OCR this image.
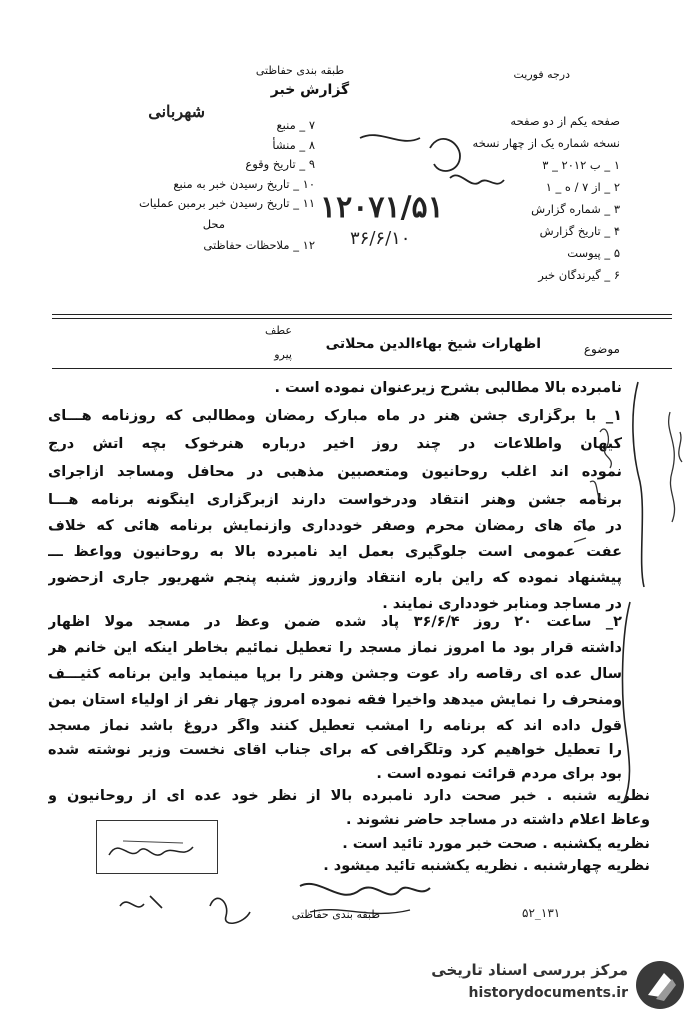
طبقه بندی حفاظتی
گزارش خبر
درجه فوریت
شهربانی
۷ _ منبع
۸ _ منشأ
۹ _ تاریخ وقوع
۱۰ _ تاریخ رسیدن خبر به منبع
۱۱ _ تاریخ رسیدن خبر برمبن عملیات
محل
۱۲ _ ملاحظات حفاظتی
صفحه یکم از دو صفحه
نسخه شماره یک از چهار نسخه
۱ _ ب ۲۰۱۲ _ ۳
۲ _ از ۷ / ه _ ۱
۳ _ شماره گزارش
۴ _ تاریخ گزارش
۵ _ پیوست
۶ _ گیرندگان خبر
۱۲۰۷۱/۵۱
۳۶/۶/۱۰
موضوع
اظهارات شیخ بهاءالدین محلاتی
عطف
پیرو
نامبرده بالا مطالبی بشرح زیرعنوان نموده است .
۱_ با برگزاری جشن هنر در ماه مبارک رمضان ومطالبی که روزنامه هـــای
کیهان واطلاعات در چند روز اخیر درباره هنرخوک بچه آتش درج
نموده اند اغلب روحانیون ومتعصبین مذهبی در محافل ومساجد ازاجرای
برنامه جشن وهنر انتقاد ودرخواست دارند ازبرگزاری اینگونه برنامه هـــا
در ماه های رمضان محرم وصفر خودداری وازنمایش برنامه هائی که خلاف
عفت عمومی است جلوگیری بعمل آید نامبرده بالا به روحانیون وواعظ ـــ
پیشنهاد نموده که راین باره انتقاد وازروز شنبه پنجم شهریور جاری ازحضور
در مساجد ومنابر خودداری نمایند .
۲_ ساعت ۲۰ روز ۳۶/۶/۴ پاد شده ضمن وعظ در مسجد مولا اظهار
داشته قرار بود ما امروز نماز مسجد را تعطیل نمائیم بخاطر اینکه این خانم هر
سال عده ای رقاصه راد عوت وجشن وهنر را برپا مینماید واین برنامه کثیـــف
ومنحرف را نمایش میدهد واخیراً فقه نموده امروز چهار نفر از اولیاء استان بمن
قول داده اند که برنامه را امشب تعطیل کنند واگر دروغ باشد نماز مسجد
را تعطیل خواهیم کرد وتلگرافی که برای جناب آقای نخست وزیر نوشته شده
بود برای مردم قرائت نموده است .
نظریه شنبه . خبر صحت دارد نامبرده بالا از نظر خود عده ای از روحانیون و
وعاظ اعلام داشته در مساجد حاضر نشوند .
نظریه یکشنبه . صحت خبر مورد تائید است .
نظریه چهارشنبه . نظریه یکشنبه تائید میشود .
طبقه بندی حفاظتی	۵۲_۱۳۱
مرکز بررسی اسناد تاریخی
historydocuments.ir
